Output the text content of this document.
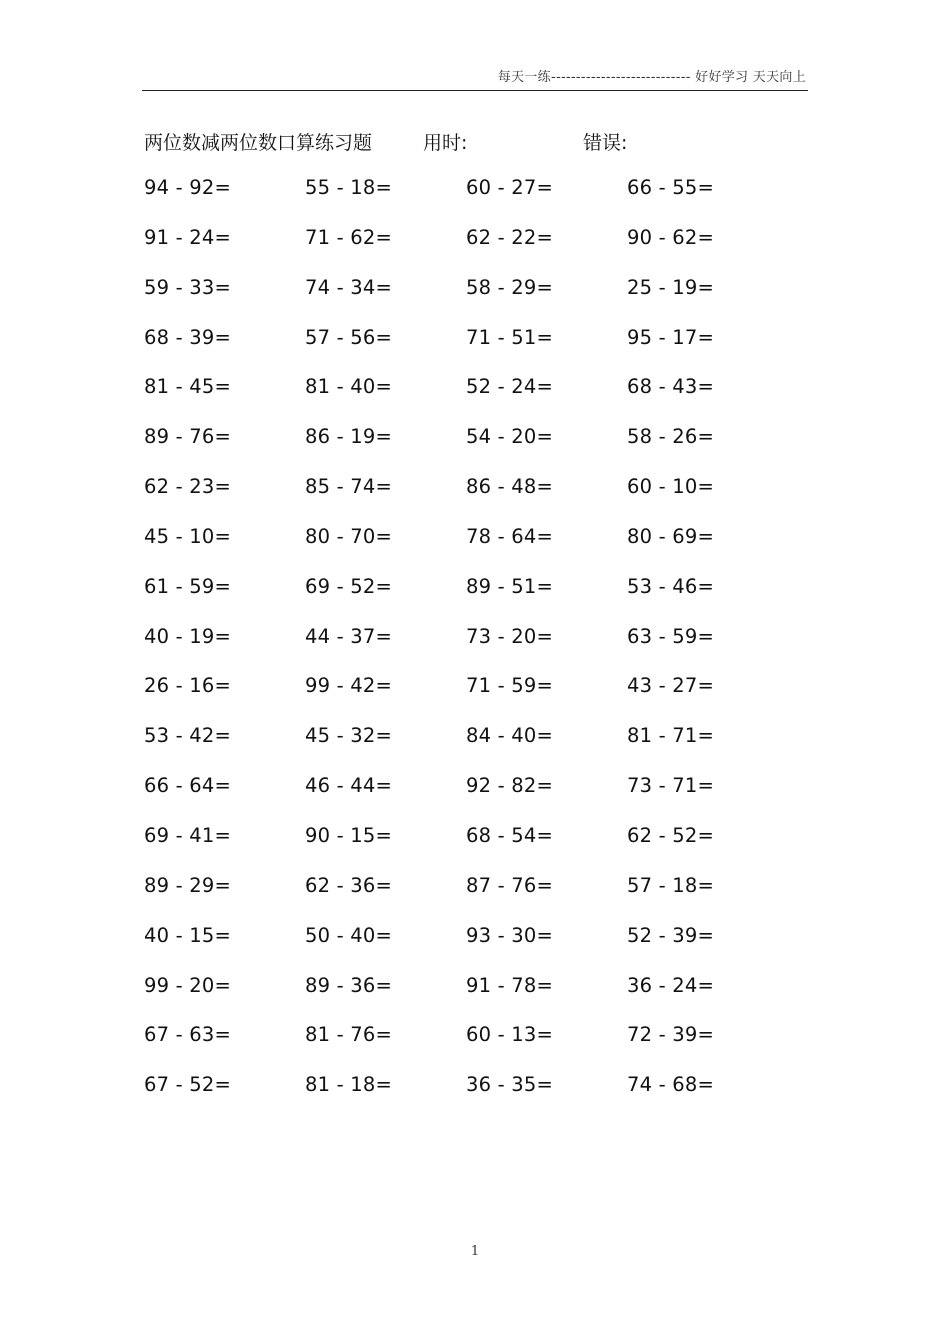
每天一练---------------------------- 好好学习 天天向上
两位数减两位数口算练习题	用时:	错误:
94 - 92=	55 - 18=	60 - 27=	66 - 55=
91 - 24=	71 - 62=	62 - 22=	90 - 62=
59 - 33=	74 - 34=	58 - 29=	25 - 19=
68 - 39=	57 - 56=	71 - 51=	95 - 17=
81 - 45=	81 - 40=	52 - 24=	68 - 43=
89 - 76=	86 - 19=	54 - 20=	58 - 26=
62 - 23=	85 - 74=	86 - 48=	60 - 10=
45 - 10=	80 - 70=	78 - 64=	80 - 69=
61 - 59=	69 - 52=	89 - 51=	53 - 46=
40 - 19=	44 - 37=	73 - 20=	63 - 59=
26 - 16=	99 - 42=	71 - 59=	43 - 27=
53 - 42=	45 - 32=	84 - 40=	81 - 71=
66 - 64=	46 - 44=	92 - 82=	73 - 71=
69 - 41=	90 - 15=	68 - 54=	62 - 52=
89 - 29=	62 - 36=	87 - 76=	57 - 18=
40 - 15=	50 - 40=	93 - 30=	52 - 39=
99 - 20=	89 - 36=	91 - 78=	36 - 24=
67 - 63=	81 - 76=	60 - 13=	72 - 39=
67 - 52=	81 - 18=	36 - 35=	74 - 68=
1
